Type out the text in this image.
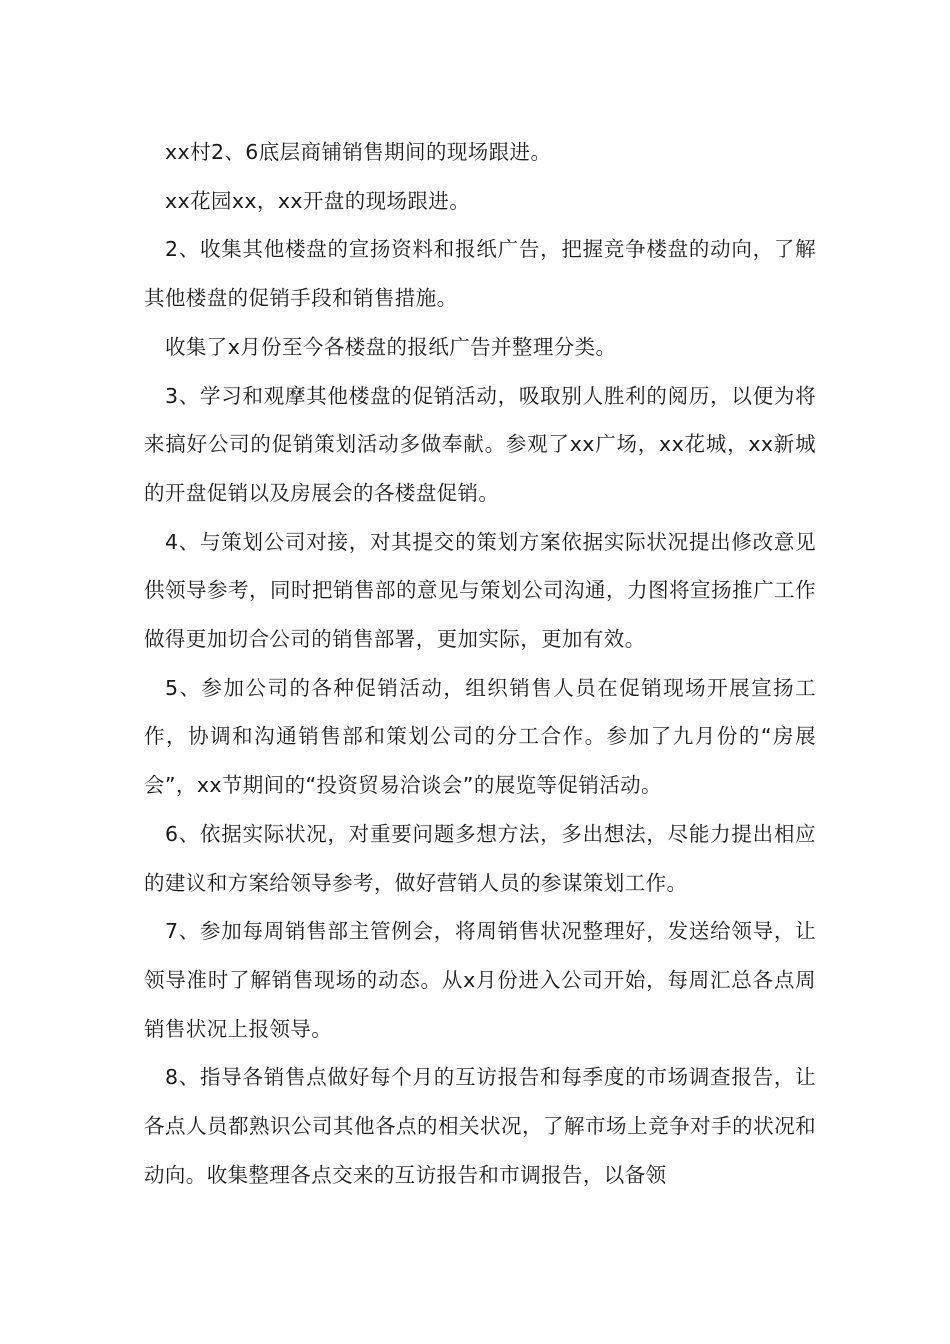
xx村2、6底层商铺销售期间的现场跟进。

xx花园xx，xx开盘的现场跟进。

2、收集其他楼盘的宣扬资料和报纸广告，把握竞争楼盘的动向，了解其他楼盘的促销手段和销售措施。

收集了x月份至今各楼盘的报纸广告并整理分类。

3、学习和观摩其他楼盘的促销活动，吸取别人胜利的阅历，以便为将来搞好公司的促销策划活动多做奉献。参观了xx广场，xx花城，xx新城的开盘促销以及房展会的各楼盘促销。

4、与策划公司对接，对其提交的策划方案依据实际状况提出修改意见供领导参考，同时把销售部的意见与策划公司沟通，力图将宣扬推广工作做得更加切合公司的销售部署，更加实际，更加有效。

5、参加公司的各种促销活动，组织销售人员在促销现场开展宣扬工作，协调和沟通销售部和策划公司的分工合作。参加了九月份的“房展会”，xx节期间的“投资贸易洽谈会”的展览等促销活动。

6、依据实际状况，对重要问题多想方法，多出想法，尽能力提出相应的建议和方案给领导参考，做好营销人员的参谋策划工作。

7、参加每周销售部主管例会，将周销售状况整理好，发送给领导，让领导准时了解销售现场的动态。从x月份进入公司开始，每周汇总各点周销售状况上报领导。

8、指导各销售点做好每个月的互访报告和每季度的市场调查报告，让各点人员都熟识公司其他各点的相关状况，了解市场上竞争对手的状况和动向。收集整理各点交来的互访报告和市调报告，以备领
